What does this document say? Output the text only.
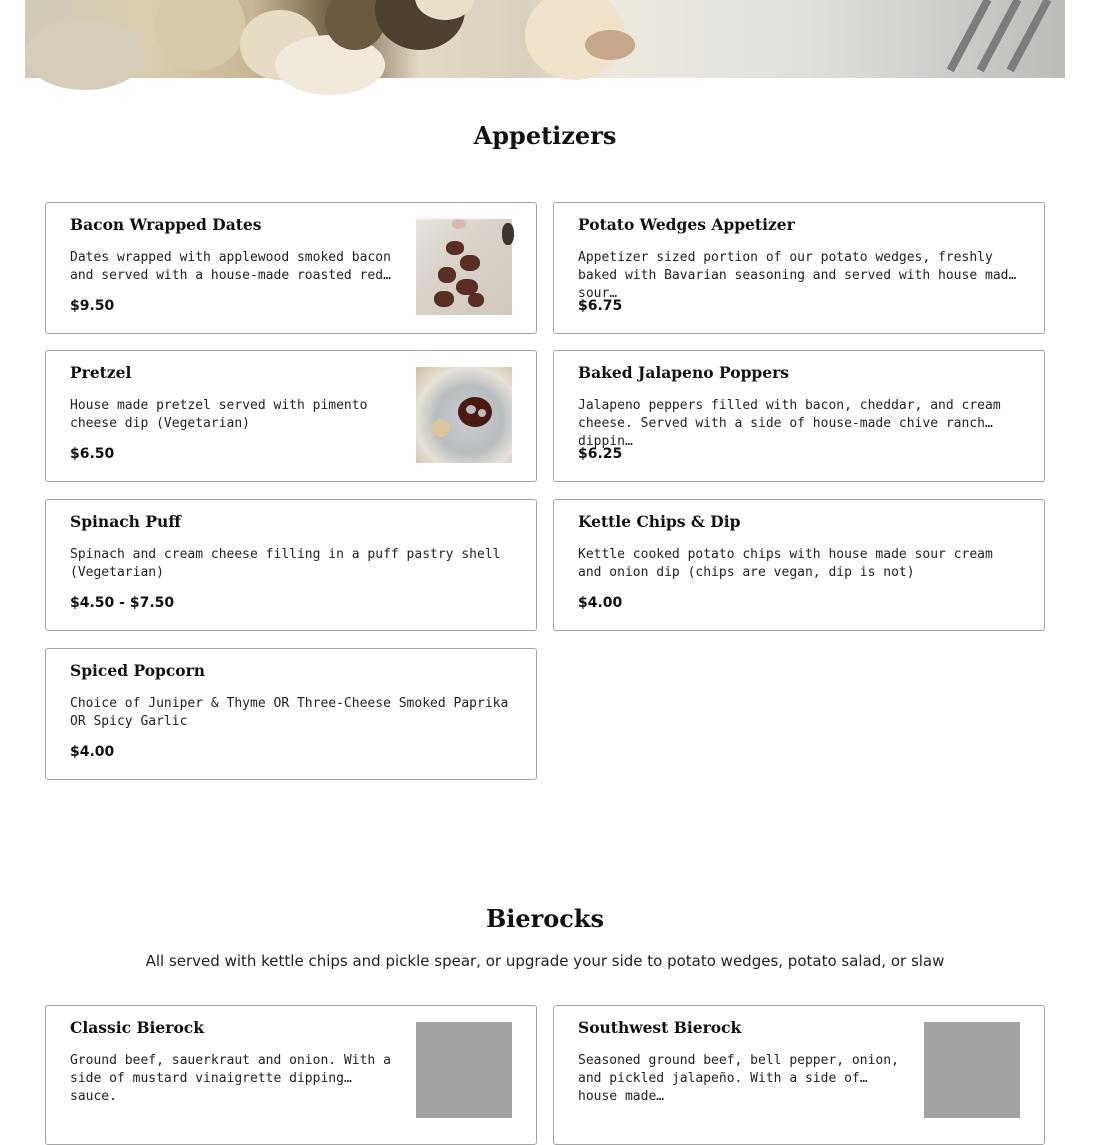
Appetizers
Bacon Wrapped Dates
Dates wrapped with applewood smoked bacon and served with a house-made roasted red…
$9.50
Potato Wedges Appetizer
Appetizer sized portion of our potato wedges, freshly baked with Bavarian seasoning and served with house made sour…
$6.75
Pretzel
House made pretzel served with pimento cheese dip (Vegetarian)
$6.50
Baked Jalapeno Poppers
Jalapeno peppers filled with bacon, cheddar, and cream cheese. Served with a side of house-made chive ranch dippin…
$6.25
Spinach Puff
Spinach and cream cheese filling in a puff pastry shell (Vegetarian)
$4.50 - $7.50
Kettle Chips & Dip
Kettle cooked potato chips with house made sour cream and onion dip (chips are vegan, dip is not)
$4.00
Spiced Popcorn
Choice of Juniper & Thyme OR Three-Cheese Smoked Paprika OR Spicy Garlic
$4.00
Bierocks
All served with kettle chips and pickle spear, or upgrade your side to potato wedges, potato salad, or slaw
Classic Bierock
Ground beef, sauerkraut and onion. With a side of mustard vinaigrette dipping sauce.
Southwest Bierock
Seasoned ground beef, bell pepper, onion, and pickled jalapeño. With a side of house made…
